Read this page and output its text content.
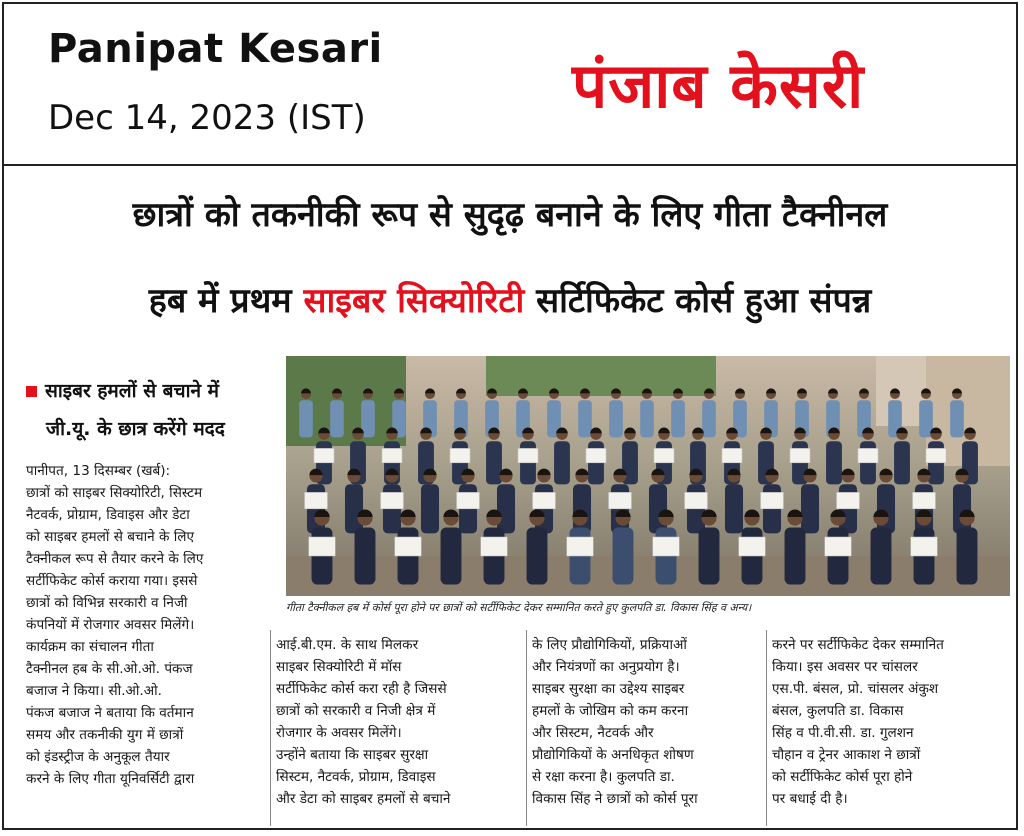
Panipat Kesari
Dec 14, 2023 (IST)	पंजाब केसरी
छात्रों को तकनीकी रूप से सुदृढ़ बनाने के लिए गीता टैक्नीनल
हब में प्रथम साइबर सिक्योरिटी सर्टिफिकेट कोर्स हुआ संपन्न
साइबर हमलों से बचाने में
जी.यू. के छात्र करेंगे मदद
गीता टैक्नीकल हब में कोर्स पूरा होने पर छात्रों को सर्टीफिकेट देकर सम्मानित करते हुए कुलपति डा. विकास सिंह व अन्य।

पानीपत, 13 दिसम्बर (खर्ब):

छात्रों को साइबर सिक्योरिटी, सिस्टम

नैटवर्क, प्रोग्राम, डिवाइस और डेटा

को साइबर हमलों से बचाने के लिए

टैक्नीकल रूप से तैयार करने के लिए

सर्टीफिकेट कोर्स कराया गया। इससे

छात्रों को विभिन्न सरकारी व निजी

कंपनियों में रोजगार अवसर मिलेंगे।

कार्यक्रम का संचालन गीता

टैक्नीनल हब के सी.ओ.ओ. पंकज

बजाज ने किया। सी.ओ.ओ.

पंकज बजाज ने बताया कि वर्तमान

समय और तकनीकी युग में छात्रों

को इंडस्ट्रीज के अनुकूल तैयार

करने के लिए गीता यूनिवर्सिटी द्वारा

आई.बी.एम. के साथ मिलकर

साइबर सिक्योरिटी में मॉस

सर्टीफिकेट कोर्स करा रही है जिससे

छात्रों को सरकारी व निजी क्षेत्र में

रोजगार के अवसर मिलेंगे।

उन्होंने बताया कि साइबर सुरक्षा

सिस्टम, नैटवर्क, प्रोग्राम, डिवाइस

और डेटा को साइबर हमलों से बचाने

के लिए प्रौद्योगिकियों, प्रक्रियाओं

और नियंत्रणों का अनुप्रयोग है।

साइबर सुरक्षा का उद्देश्य साइबर

हमलों के जोखिम को कम करना

और सिस्टम, नैटवर्क और

प्रौद्योगिकियों के अनधिकृत शोषण

से रक्षा करना है। कुलपति डा.

विकास सिंह ने छात्रों को कोर्स पूरा

करने पर सर्टीफिकेट देकर सम्मानित

किया। इस अवसर पर चांसलर

एस.पी. बंसल, प्रो. चांसलर अंकुश

बंसल, कुलपति डा. विकास

सिंह व पी.वी.सी. डा. गुलशन

चौहान व ट्रेनर आकाश ने छात्रों

को सर्टीफिकेट कोर्स पूरा होने

पर बधाई दी है।
